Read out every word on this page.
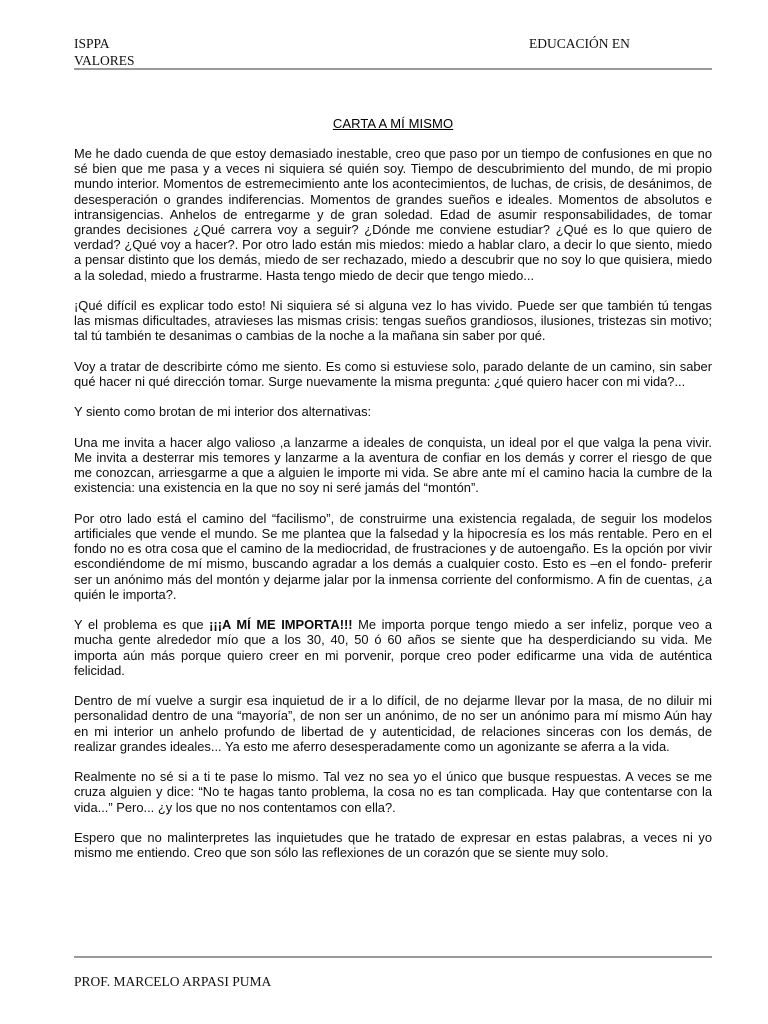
ISPPA	EDUCACIÓN EN
VALORES
CARTA A MÍ MISMO

Me he dado cuenda de que estoy demasiado inestable, creo que paso por un tiempo de confusiones en que no sé bien que me pasa y a veces ni siquiera sé quién soy. Tiempo de descubrimiento del mundo, de mi propio mundo interior. Momentos de estremecimiento ante los acontecimientos, de luchas, de crisis, de desánimos, de desesperación o grandes indiferencias. Momentos de grandes sueños e ideales. Momentos de absolutos e intransigencias. Anhelos de entregarme y de gran soledad. Edad de asumir responsabilidades, de tomar grandes decisiones ¿Qué carrera voy a seguir? ¿Dónde me conviene estudiar? ¿Qué es lo que quiero de verdad? ¿Qué voy a hacer?. Por otro lado están mis miedos: miedo a hablar claro, a decir lo que siento, miedo a pensar distinto que los demás, miedo de ser rechazado, miedo a descubrir que no soy lo que quisiera, miedo a la soledad, miedo a frustrarme. Hasta tengo miedo de decir que tengo miedo...

¡Qué difícil es explicar todo esto! Ni siquiera sé si alguna vez lo has vivido. Puede ser que también tú tengas las mismas dificultades, atravieses las mismas crisis: tengas sueños grandiosos, ilusiones, tristezas sin motivo; tal tú también te desanimas o cambias de la noche a la mañana sin saber por qué.

Voy a tratar de describirte cómo me siento. Es como si estuviese solo, parado delante de un camino, sin saber qué hacer ni qué dirección tomar. Surge nuevamente la misma pregunta: ¿qué quiero hacer con mi vida?...

Y siento como brotan de mi interior dos alternativas:

Una me invita a hacer algo valioso ,a lanzarme a ideales de conquista, un ideal por el que valga la pena vivir. Me invita a desterrar mis temores y lanzarme a la aventura de confiar en los demás y correr el riesgo de que me conozcan, arriesgarme a que a alguien le importe mi vida. Se abre ante mí el camino hacia la cumbre de la existencia: una existencia en la que no soy ni seré jamás del “montón”.

Por otro lado está el camino del “facilismo”, de construirme una existencia regalada, de seguir los modelos artificiales que vende el mundo. Se me plantea que la falsedad y la hipocresía es los más rentable. Pero en el fondo no es otra cosa que el camino de la mediocridad, de frustraciones y de autoengaño. Es la opción por vivir escondiéndome de mí mismo, buscando agradar a los demás a cualquier costo. Esto es –en el fondo- preferir ser un anónimo más del montón y dejarme jalar por la inmensa corriente del conformismo. A fin de cuentas, ¿a quién le importa?.

Y el problema es que ¡¡¡A MÍ ME IMPORTA!!! Me importa porque tengo miedo a ser infeliz, porque veo a mucha gente alrededor mío que a los 30, 40, 50 ó 60 años se siente que ha desperdiciando su vida. Me importa aún más porque quiero creer en mi porvenir, porque creo poder edificarme una vida de auténtica felicidad.

Dentro de mí vuelve a surgir esa inquietud de ir a lo difícil, de no dejarme llevar por la masa, de no diluir mi personalidad dentro de una “mayoría”, de non ser un anónimo, de no ser un anónimo para mí mismo Aún hay en mi interior un anhelo profundo de libertad de y autenticidad, de relaciones sinceras con los demás, de realizar grandes ideales... Ya esto me aferro desesperadamente como un agonizante se aferra a la vida.

Realmente no sé si a ti te pase lo mismo. Tal vez no sea yo el único que busque respuestas. A veces se me cruza alguien y dice: “No te hagas tanto problema, la cosa no es tan complicada. Hay que contentarse con la vida...” Pero... ¿y los que no nos contentamos con ella?.

Espero que no malinterpretes las inquietudes que he tratado de expresar en estas palabras, a veces ni yo mismo me entiendo. Creo que son sólo las reflexiones de un corazón que se siente muy solo.

PROF. MARCELO ARPASI PUMA
